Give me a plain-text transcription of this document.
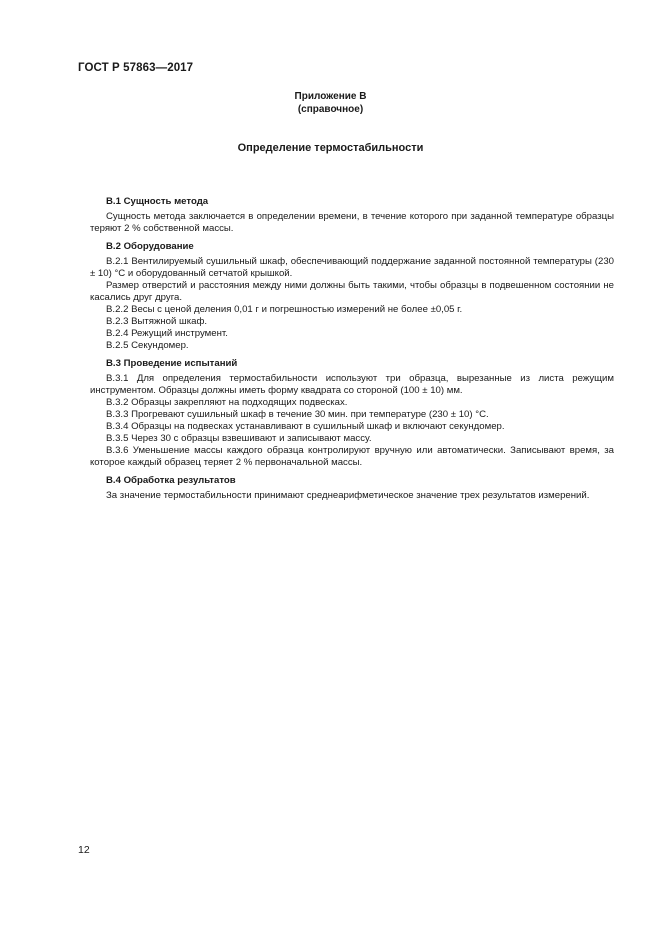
ГОСТ Р 57863—2017
Приложение В
(справочное)
Определение термостабильности
В.1 Сущность метода

Сущность метода заключается в определении времени, в течение которого при заданной температуре образцы теряют 2 % собственной массы.

В.2 Оборудование

В.2.1 Вентилируемый сушильный шкаф, обеспечивающий поддержание заданной постоянной температуры (230 ± 10) °С и оборудованный сетчатой крышкой.

Размер отверстий и расстояния между ними должны быть такими, чтобы образцы в подвешенном состоянии не касались друг друга.

В.2.2 Весы с ценой деления 0,01 г и погрешностью измерений не более ±0,05 г.

В.2.3 Вытяжной шкаф.

В.2.4 Режущий инструмент.

В.2.5 Секундомер.

В.3 Проведение испытаний

В.3.1 Для определения термостабильности используют три образца, вырезанные из листа режущим инструментом. Образцы должны иметь форму квадрата со стороной (100 ± 10) мм.

В.3.2 Образцы закрепляют на подходящих подвесках.

В.3.3 Прогревают сушильный шкаф в течение 30 мин. при температуре (230 ± 10) °С.

В.3.4 Образцы на подвесках устанавливают в сушильный шкаф и включают секундомер.

В.3.5 Через 30 с образцы взвешивают и записывают массу.

В.3.6 Уменьшение массы каждого образца контролируют вручную или автоматически. Записывают время, за которое каждый образец теряет 2 % первоначальной массы.

В.4 Обработка результатов

За значение термостабильности принимают среднеарифметическое значение трех результатов измерений.

12
